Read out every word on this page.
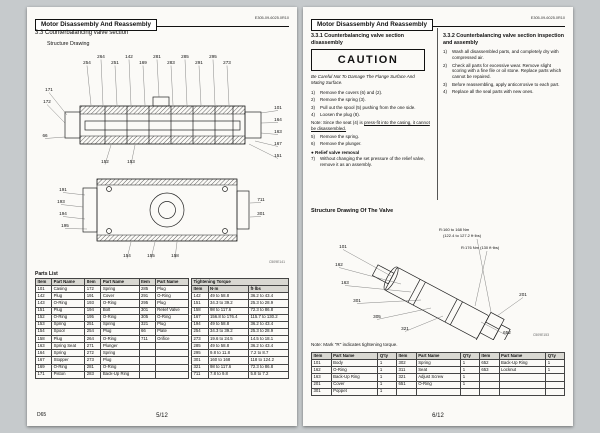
Motor Disassembly And Reassembly
E305-09-6025.0R10
3.3 Counterbalancing valve section
Structure Drawing
254
264
251
142
169
281
283
285
291
295
273
171
172
66
101
164
163
167
151
152	153
191
193
194
195
154	155	158
711
301
C509E141
Parts List
Item	Part Name	Item	Part Name	Item	Part Name
101	Casing	172	Spring	285	Plug
142	Plug	191	Cover	291	O-Ring
143	O-Ring	193	O-Ring	295	Plug
151	Plug	194	Bolt	301	Relief Valve
152	O-Ring	195	O-Ring	305	O-Ring
153	Spring	251	Spring	321	Plug
154	Spool	254	Plug	66	Plate
158	Plug	264	O-Ring	711	Orifice
163	Spring Seat	271	Plunger		
164	Spring	272	Spring		
167	Stopper	273	Plug		
169	O-Ring	281	O-Ring		
171	Piston	283	Back-Up Ring		
Tightening Torque		
Item	N·m	ft·lbs
142	49 to 58.8	36.2 to 43.4
151	34.3 to 39.2	25.3 to 28.9
158	98 to 117.6	72.3 to 86.8
167	156.8 to 176.4	115.7 to 130.2
194	49 to 58.8	36.2 to 43.4
254	34.3 to 39.2	25.3 to 28.9
273	19.6 to 24.5	14.5 to 18.1
285	49 to 58.8	36.2 to 43.4
295	9.8 to 11.8	7.2 to 8.7
301	160 to 168	118 to 124.2
321	98 to 117.6	72.3 to 86.8
711	7.8 to 9.8	5.8 to 7.2
D65	5/12
Motor Disassembly And Reassembly
E305-09-6025.0R10
3.3.1 Counterbalancing valve section disassembly
CAUTION
Be Careful Not To Damage The Flange Surface And Mating Surface.
1)	Remove the covers (6) and (2).
2)	Remove the spring (3).
3)	Pull out the spool (5) pushing from the one side.
4)	Loosen the plug (8).
Note: Since the seat (4) is press-fit into the casing, it cannot be disassembled.
5)	Remove the spring.
6)	Remove the plunger.
● Relief valve removal
7)	Without changing the set pressure of the relief valve, remove it as an assembly.
3.3.2 Counterbalancing valve section inspection and assembly
1)	Wash all disassembled parts, and completely dry with compressed air.
2)	Check all parts for excessive wear. Remove slight scoring with a fine file or oil stone. Replace parts which cannot be repaired.
3)	Before reassembling, apply anticorrosive to each part.
4)	Replace all the seal parts with new ones.
Structure Drawing Of The Valve
R:160 to 168 Nm
(122.4 to 127.2 ft·lbs)
R:176 Nm (130 ft·lbs)
101
162
163
301
305
321
201
652	C509E153
Note: Mark "R" indicates tightening torque.
Item	Part Name	Q'ty	Item	Part Name	Q'ty	Item	Part Name	Q'ty
101	Body	1	302	Spring	1	652	Back-Up Ring	1
162	O-Ring	1	311	Seat	1	653	Locknut	1
163	Back-Up Ring	1	321	Adjust Screw	1			
201	Cover	1	651	O-Ring	1			
301	Poppet	1						
6/12
